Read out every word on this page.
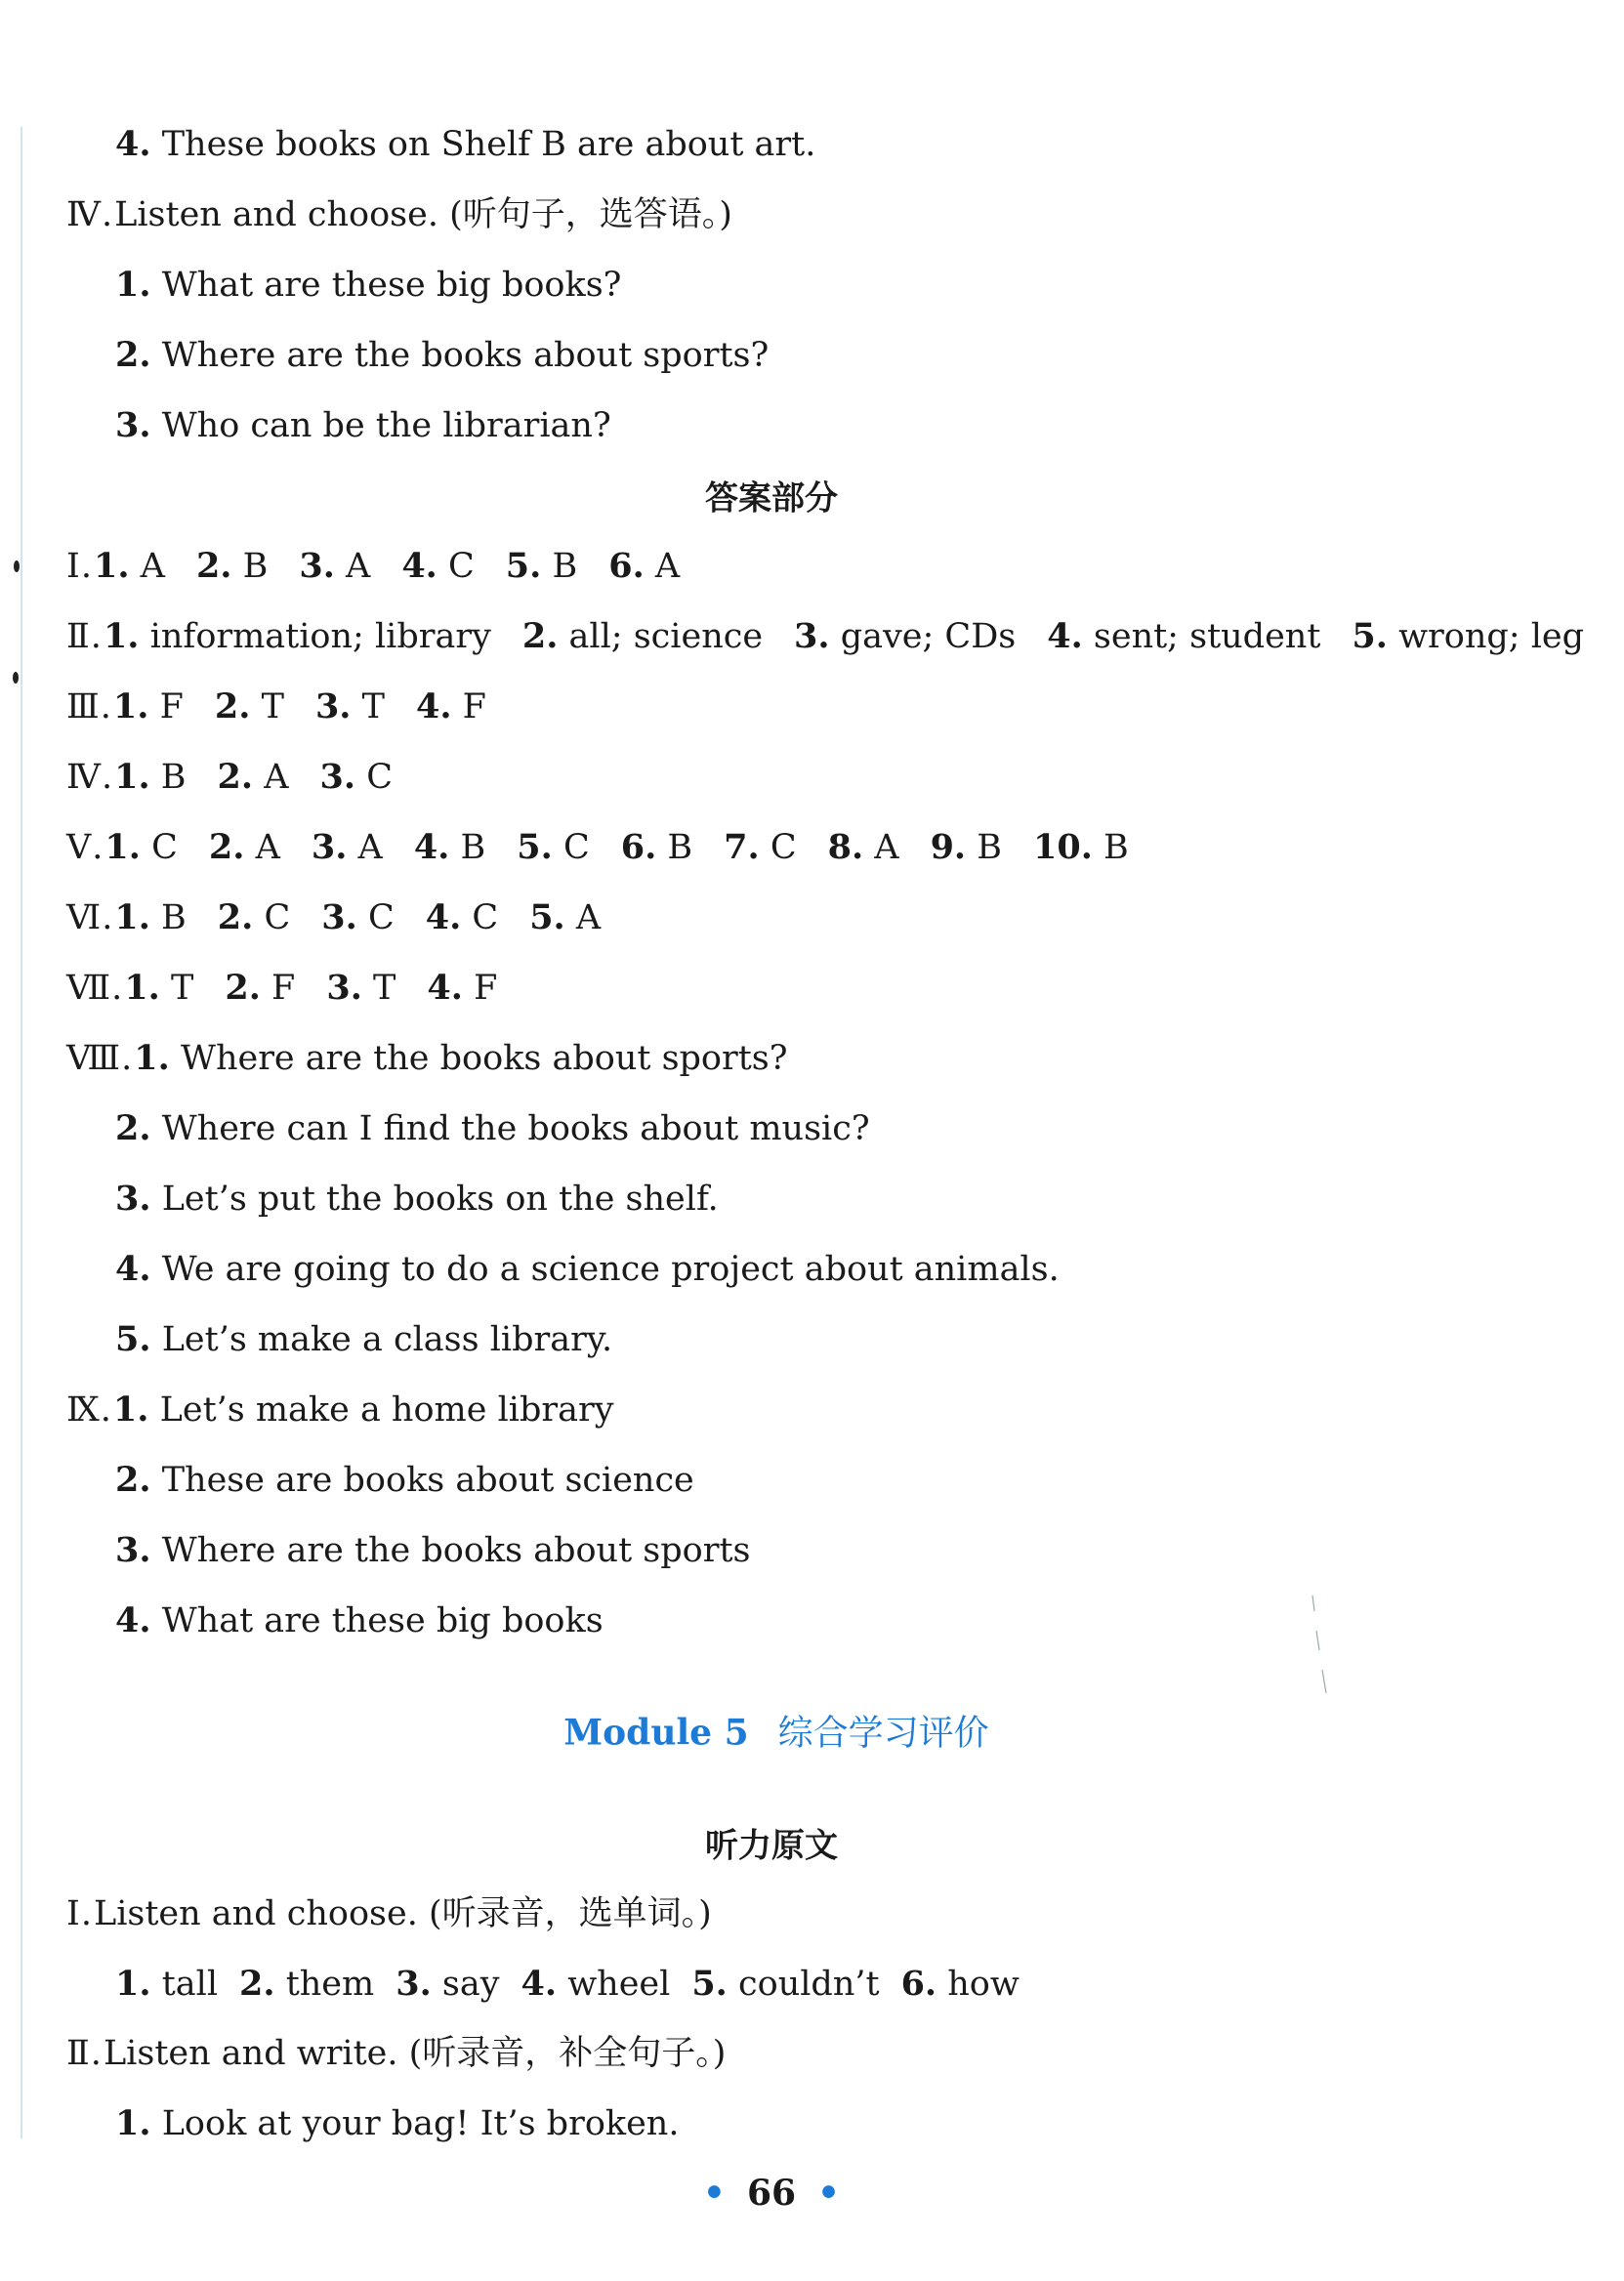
4. These books on Shelf B are about art.
Ⅳ.Listen and choose. (听句子，选答语。)
1. What are these big books?
2. Where are the books about sports?
3. Who can be the librarian?
答案部分
Ⅰ.1. A 2. B 3. A 4. C 5. B 6. A
Ⅱ.1. information; library 2. all; science 3. gave; CDs 4. sent; student 5. wrong; leg
Ⅲ.1. F 2. T 3. T 4. F
Ⅳ.1. B 2. A 3. C
Ⅴ.1. C 2. A 3. A 4. B 5. C 6. B 7. C 8. A 9. B 10. B
Ⅵ.1. B 2. C 3. C 4. C 5. A
Ⅶ.1. T 2. F 3. T 4. F
Ⅷ.1. Where are the books about sports?
2. Where can I find the books about music?
3. Let’s put the books on the shelf.
4. We are going to do a science project about animals.
5. Let’s make a class library.
Ⅸ.1. Let’s make a home library
2. These are books about science
3. Where are the books about sports
4. What are these big books
Module 5 综合学习评价
听力原文
Ⅰ.Listen and choose. (听录音，选单词。)
1. tall 2. them 3. say 4. wheel 5. couldn’t 6. how
Ⅱ.Listen and write. (听录音，补全句子。)
1. Look at your bag! It’s broken.
• 66 •
